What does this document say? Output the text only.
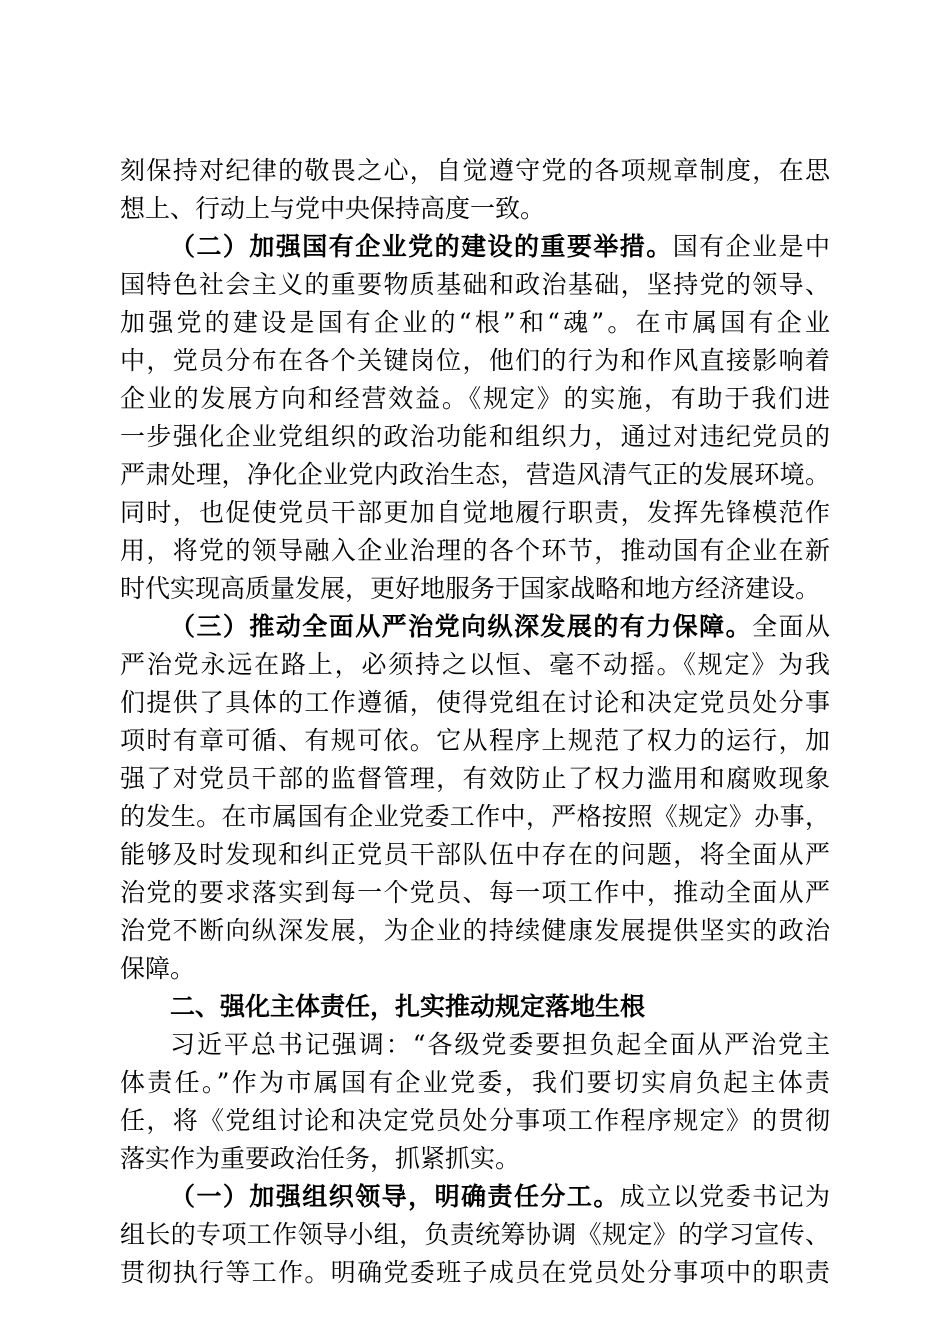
刻保持对纪律的敬畏之心，自觉遵守党的各项规章制度，在思
想上、行动上与党中央保持高度一致。
（二）加强国有企业党的建设的重要举措。国有企业是中
国特色社会主义的重要物质基础和政治基础，坚持党的领导、
加强党的建设是国有企业的“根”和“魂”。在市属国有企业
中，党员分布在各个关键岗位，他们的行为和作风直接影响着
企业的发展方向和经营效益。《规定》的实施，有助于我们进
一步强化企业党组织的政治功能和组织力，通过对违纪党员的
严肃处理，净化企业党内政治生态，营造风清气正的发展环境。
同时，也促使党员干部更加自觉地履行职责，发挥先锋模范作
用，将党的领导融入企业治理的各个环节，推动国有企业在新
时代实现高质量发展，更好地服务于国家战略和地方经济建设。
（三）推动全面从严治党向纵深发展的有力保障。全面从
严治党永远在路上，必须持之以恒、毫不动摇。《规定》为我
们提供了具体的工作遵循，使得党组在讨论和决定党员处分事
项时有章可循、有规可依。它从程序上规范了权力的运行，加
强了对党员干部的监督管理，有效防止了权力滥用和腐败现象
的发生。在市属国有企业党委工作中，严格按照《规定》办事，
能够及时发现和纠正党员干部队伍中存在的问题，将全面从严
治党的要求落实到每一个党员、每一项工作中，推动全面从严
治党不断向纵深发展，为企业的持续健康发展提供坚实的政治
保障。
二、强化主体责任，扎实推动规定落地生根
习近平总书记强调：“各级党委要担负起全面从严治党主
体责任。”作为市属国有企业党委，我们要切实肩负起主体责
任，将《党组讨论和决定党员处分事项工作程序规定》的贯彻
落实作为重要政治任务，抓紧抓实。
（一）加强组织领导，明确责任分工。成立以党委书记为
组长的专项工作领导小组，负责统筹协调《规定》的学习宣传、
贯彻执行等工作。明确党委班子成员在党员处分事项中的职责
